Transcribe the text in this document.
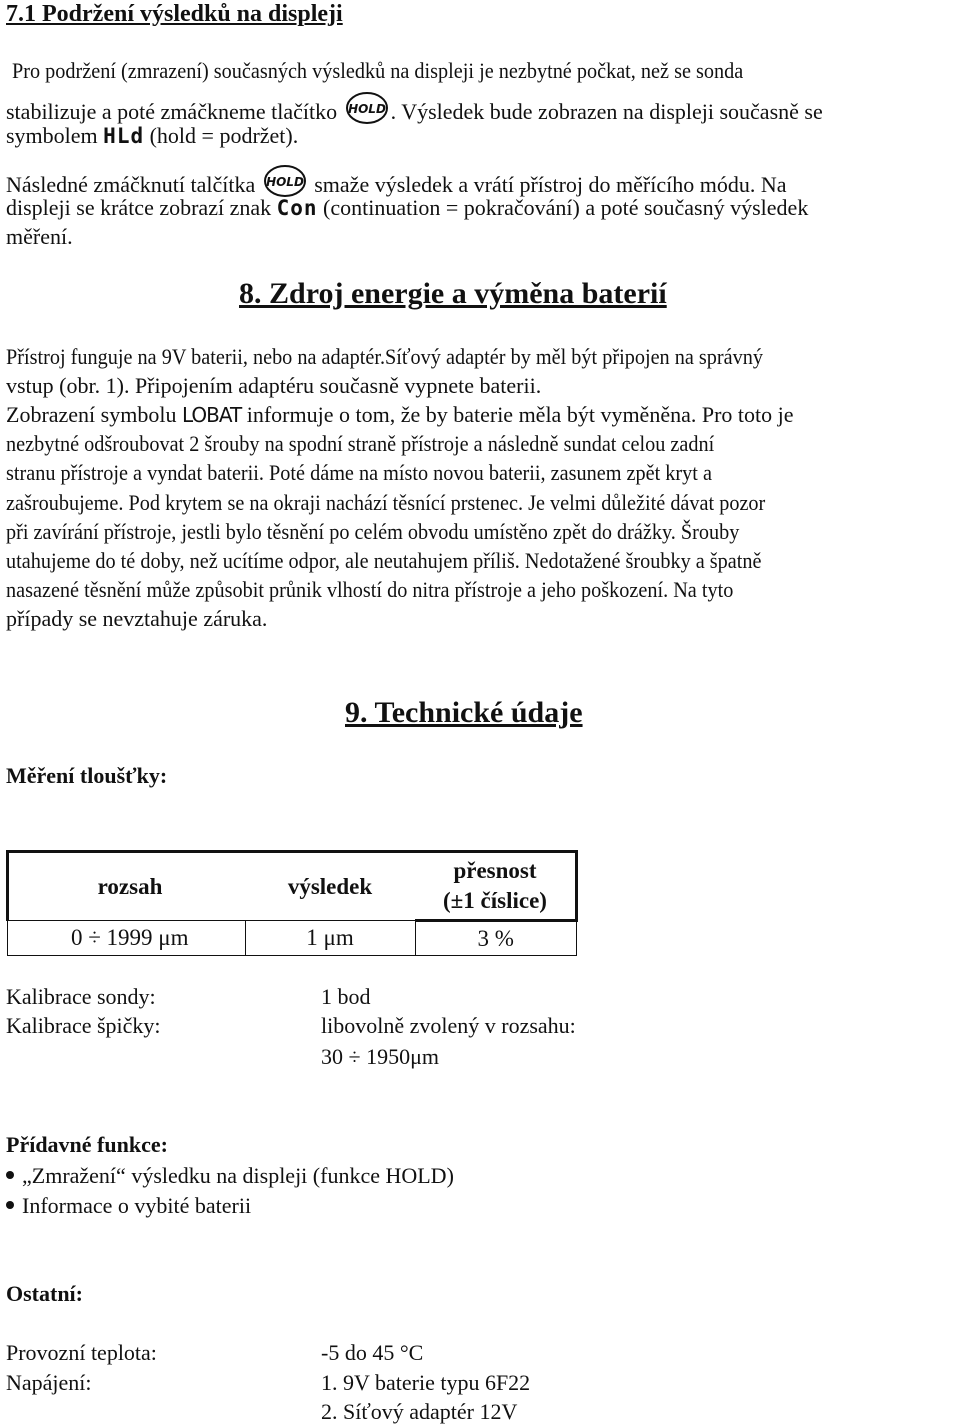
7.1 Podržení výsledků na displeji
Pro podržení (zmrazení) současných výsledků na displeji je nezbytné počkat, než se sonda
stabilizuje a poté zmáčkneme tlačítko HOLD . Výsledek bude zobrazen na displeji současně se
symbolem HLd (hold = podržet).
Následné zmáčknutí talčítka HOLD smaže výsledek a vrátí přístroj do měřícího módu. Na
displeji se krátce zobrazí znak Con (continuation = pokračování) a poté současný výsledek
měření.
8. Zdroj energie a výměna baterií
Přístroj funguje na 9V baterii, nebo na adaptér.Síťový adaptér by měl být připojen na správný
vstup (obr. 1). Připojením adaptéru současně vypnete baterii.
Zobrazení symbolu LOBAT informuje o tom, že by baterie měla být vyměněna. Pro toto je
nezbytné odšroubovat 2 šrouby na spodní straně přístroje a následně sundat celou zadní
stranu přístroje a vyndat baterii. Poté dáme na místo novou baterii, zasunem zpět kryt a
zašroubujeme. Pod krytem se na okraji nachází těsnící prstenec. Je velmi důležité dávat pozor
při zavírání přístroje, jestli bylo těsnění po celém obvodu umístěno zpět do drážky. Šrouby
utahujeme do té doby, než ucítíme odpor, ale neutahujem příliš. Nedotažené šroubky a špatně
nasazené těsnění může způsobit průnik vlhostí do nitra přístroje a jeho poškození. Na tyto
případy se nevztahuje záruka.
9. Technické údaje
Měření tloušťky:
	rozsah	výsledek	přesnost
(±1 číslice)

	0 ÷ 1999 μm	1 μm	3 %
Kalibrace sondy:	1 bod
Kalibrace špičky:	libovolně zvolený v rozsahu:
30 ÷ 1950μm
Přídavné funkce:
„Zmražení“ výsledku na displeji (funkce HOLD)
Informace o vybité baterii
Ostatní:
Provozní teplota:	-5 do 45 °C
Napájení:	1. 9V baterie typu 6F22
2. Síťový adaptér 12V
